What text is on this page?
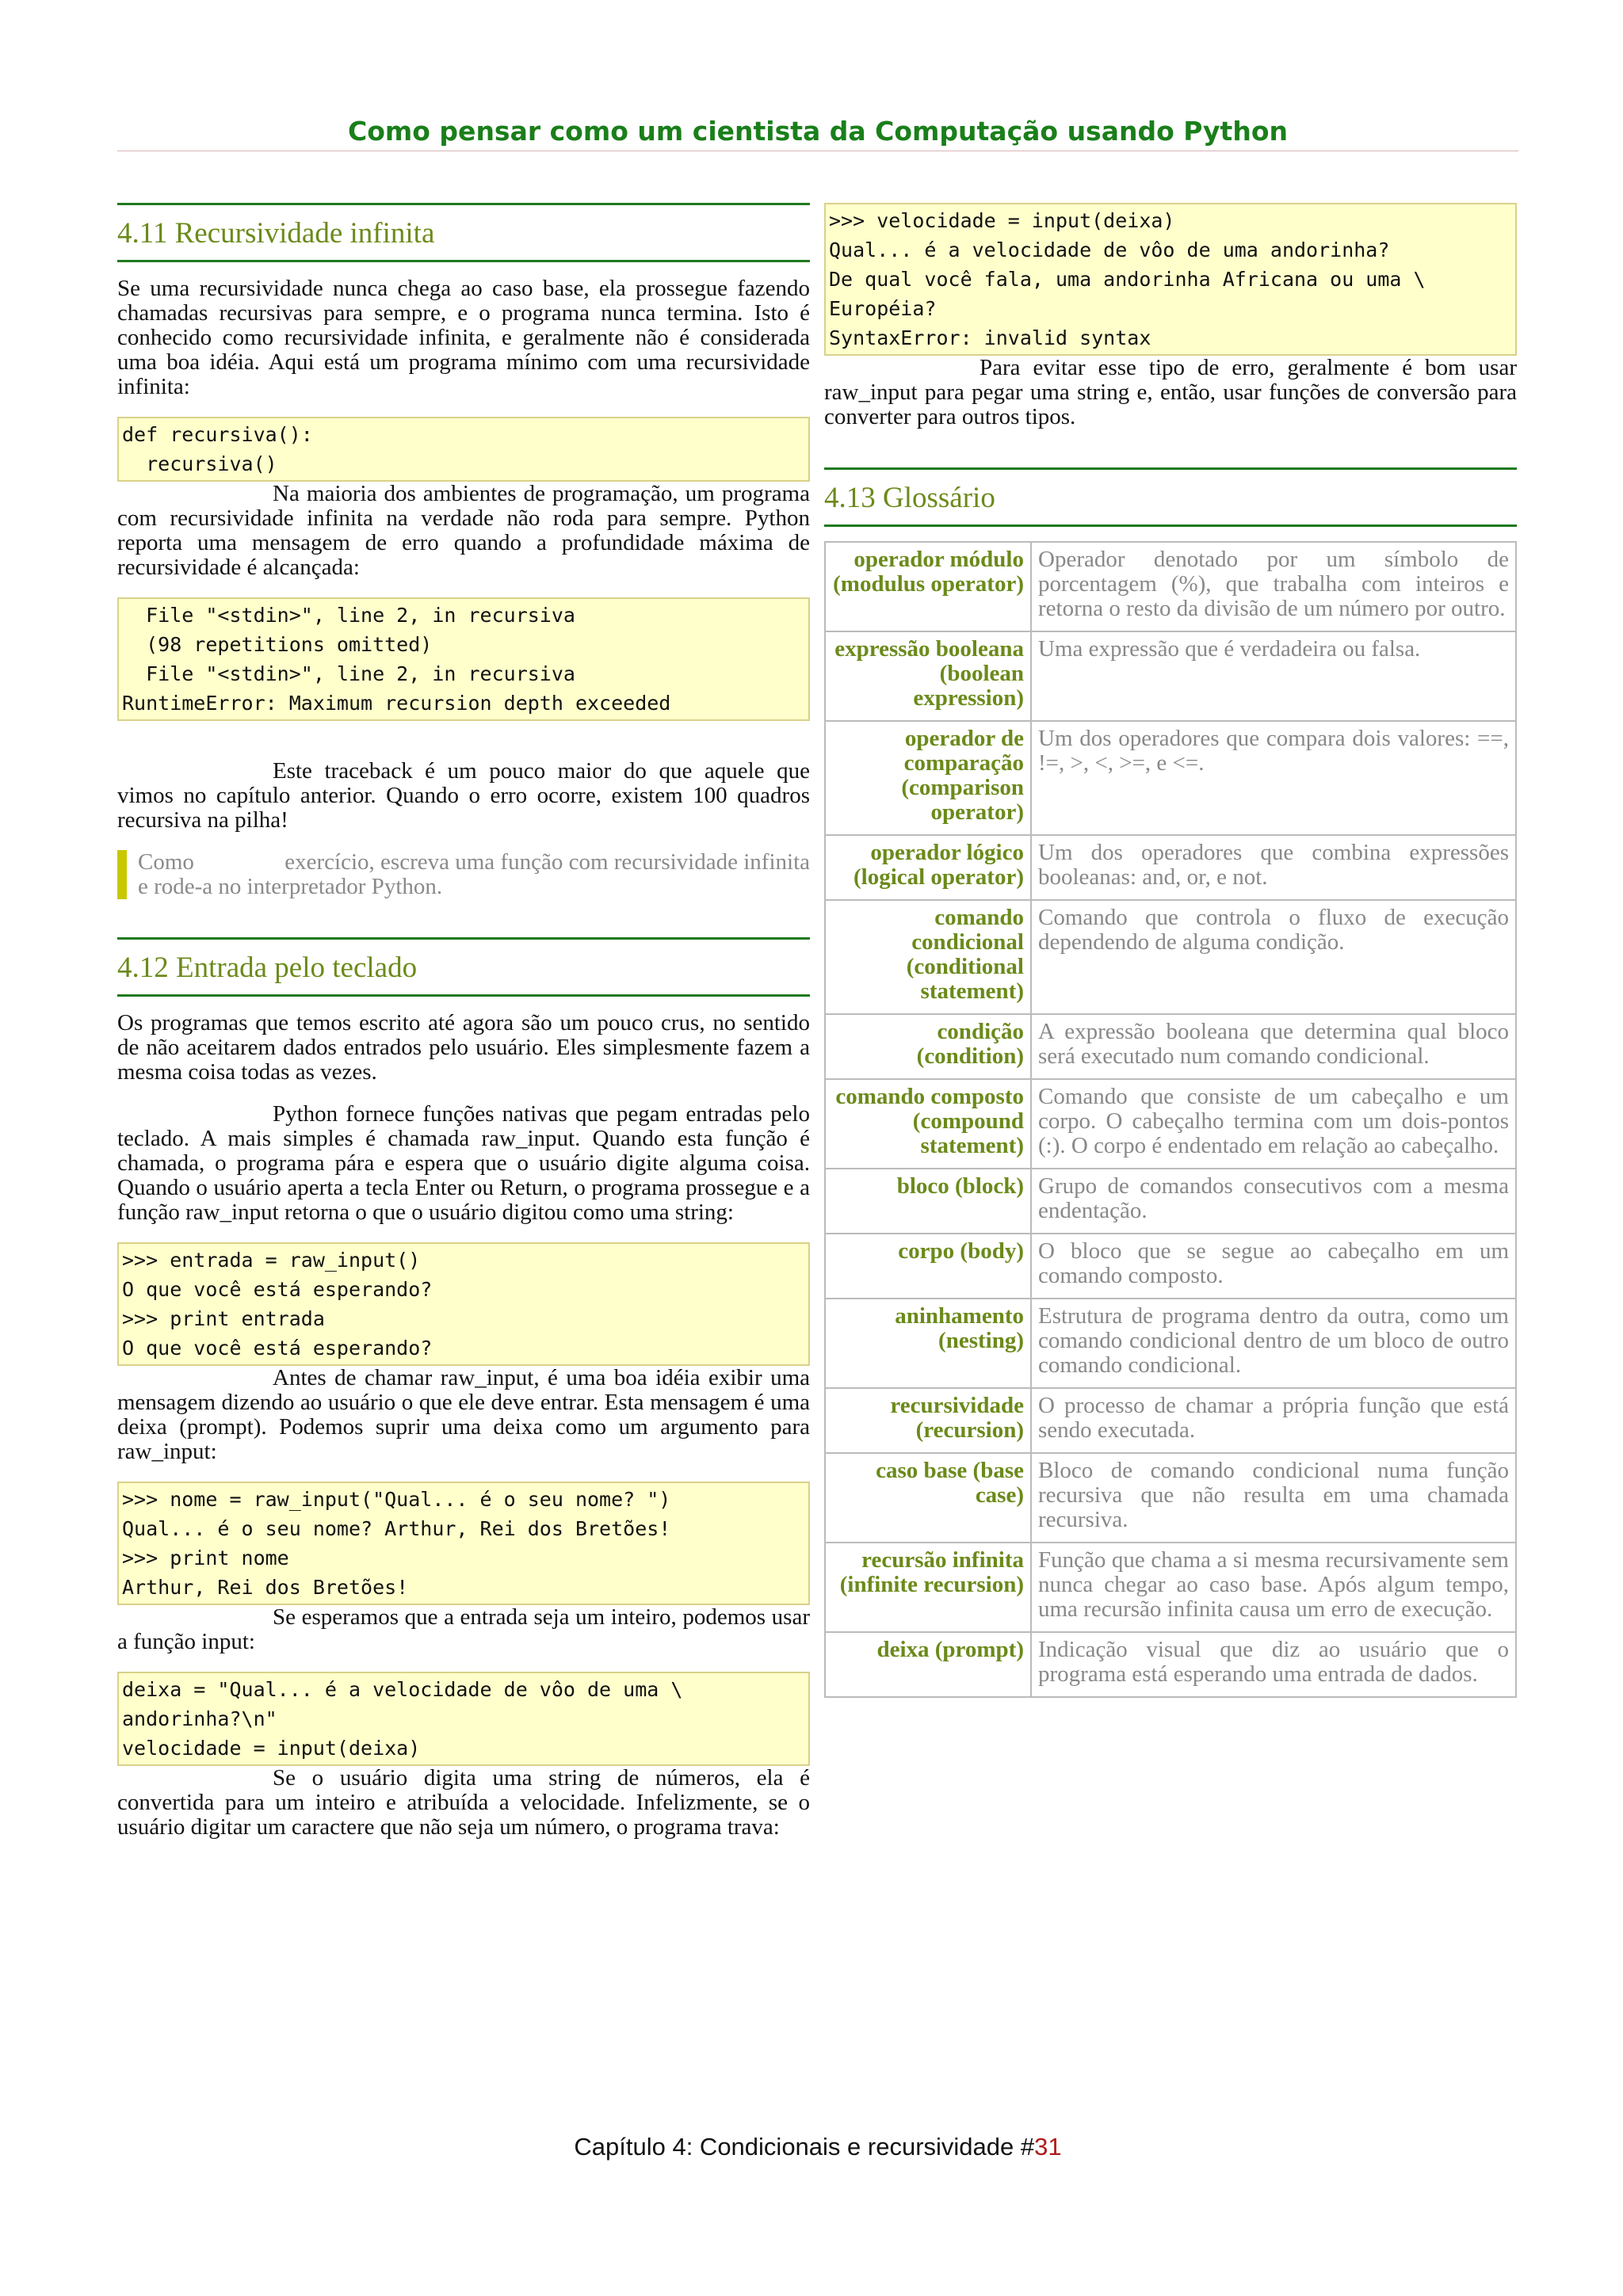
Como pensar como um cientista da Computação usando Python
4.11 Recursividade infinita

Se uma recursividade nunca chega ao caso base, ela prossegue fazendo chamadas recursivas para sempre, e o programa nunca termina. Isto é conhecido como recursividade infinita, e geralmente não é considerada uma boa idéia. Aqui está um programa mínimo com uma recursividade infinita:

def recursiva():
recursiva()

Na maioria dos ambientes de programação, um programa com recursividade infinita na verdade não roda para sempre. Python reporta uma mensagem de erro quando a profundidade máxima de recursividade é alcançada:

File "<stdin>", line 2, in recursiva
(98 repetitions omitted)
File "<stdin>", line 2, in recursiva
RuntimeError: Maximum recursion depth exceeded

Este traceback é um pouco maior do que aquele que vimos no capítulo anterior. Quando o erro ocorre, existem 100 quadros recursiva na pilha!

Como	exercício, escreva uma função com recursividade infinita e rode-a no interpretador Python.
4.12 Entrada pelo teclado

Os programas que temos escrito até agora são um pouco crus, no sentido de não aceitarem dados entrados pelo usuário. Eles simplesmente fazem a mesma coisa todas as vezes.

Python fornece funções nativas que pegam entradas pelo teclado. A mais simples é chamada raw_input. Quando esta função é chamada, o programa pára e espera que o usuário digite alguma coisa. Quando o usuário aperta a tecla Enter ou Return, o programa prossegue e a função raw_input retorna o que o usuário digitou como uma string:

>>> entrada = raw_input()
O que você está esperando?
>>> print entrada
O que você está esperando?

Antes de chamar raw_input, é uma boa idéia exibir uma mensagem dizendo ao usuário o que ele deve entrar. Esta mensagem é uma deixa (prompt). Podemos suprir uma deixa como um argumento para raw_input:

>>> nome = raw_input("Qual... é o seu nome? ")
Qual... é o seu nome? Arthur, Rei dos Bretões!
>>> print nome
Arthur, Rei dos Bretões!

Se esperamos que a entrada seja um inteiro, podemos usar a função input:

deixa = "Qual... é a velocidade de vôo de uma \
andorinha?\n"
velocidade = input(deixa)

Se o usuário digita uma string de números, ela é convertida para um inteiro e atribuída a velocidade. Infelizmente, se o usuário digitar um caractere que não seja um número, o programa trava:

>>> velocidade = input(deixa)
Qual... é a velocidade de vôo de uma andorinha?
De qual você fala, uma andorinha Africana ou uma \
Européia?
SyntaxError: invalid syntax

Para evitar esse tipo de erro, geralmente é bom usar raw_input para pegar uma string e, então, usar funções de conversão para converter para outros tipos.

4.13 Glossário
operador módulo (modulus operator)	Operador denotado por um símbolo de porcentagem (%), que trabalha com inteiros e retorna o resto da divisão de um número por outro.
expressão booleana (boolean expression)	Uma expressão que é verdadeira ou falsa.
operador de comparação (comparison operator)	Um dos operadores que compara dois valores: ==, !=, >, <, >=, e <=.
operador lógico (logical operator)	Um dos operadores que combina expressões booleanas: and, or, e not.
comando condicional (conditional statement)	Comando que controla o fluxo de execução dependendo de alguma condição.
condição (condition)	A expressão booleana que determina qual bloco será executado num comando condicional.
comando composto (compound statement)	Comando que consiste de um cabeçalho e um corpo. O cabeçalho termina com um dois-pontos (:). O corpo é endentado em relação ao cabeçalho.
bloco (block)	Grupo de comandos consecutivos com a mesma endentação.
corpo (body)	O bloco que se segue ao cabeçalho em um comando composto.
aninhamento (nesting)	Estrutura de programa dentro da outra, como um comando condicional dentro de um bloco de outro comando condicional.
recursividade (recursion)	O processo de chamar a própria função que está sendo executada.
caso base (base case)	Bloco de comando condicional numa função recursiva que não resulta em uma chamada recursiva.
recursão infinita (infinite recursion)	Função que chama a si mesma recursivamente sem nunca chegar ao caso base. Após algum tempo, uma recursão infinita causa um erro de execução.
deixa (prompt)	Indicação visual que diz ao usuário que o programa está esperando uma entrada de dados.
Capítulo 4: Condicionais e recursividade #31
